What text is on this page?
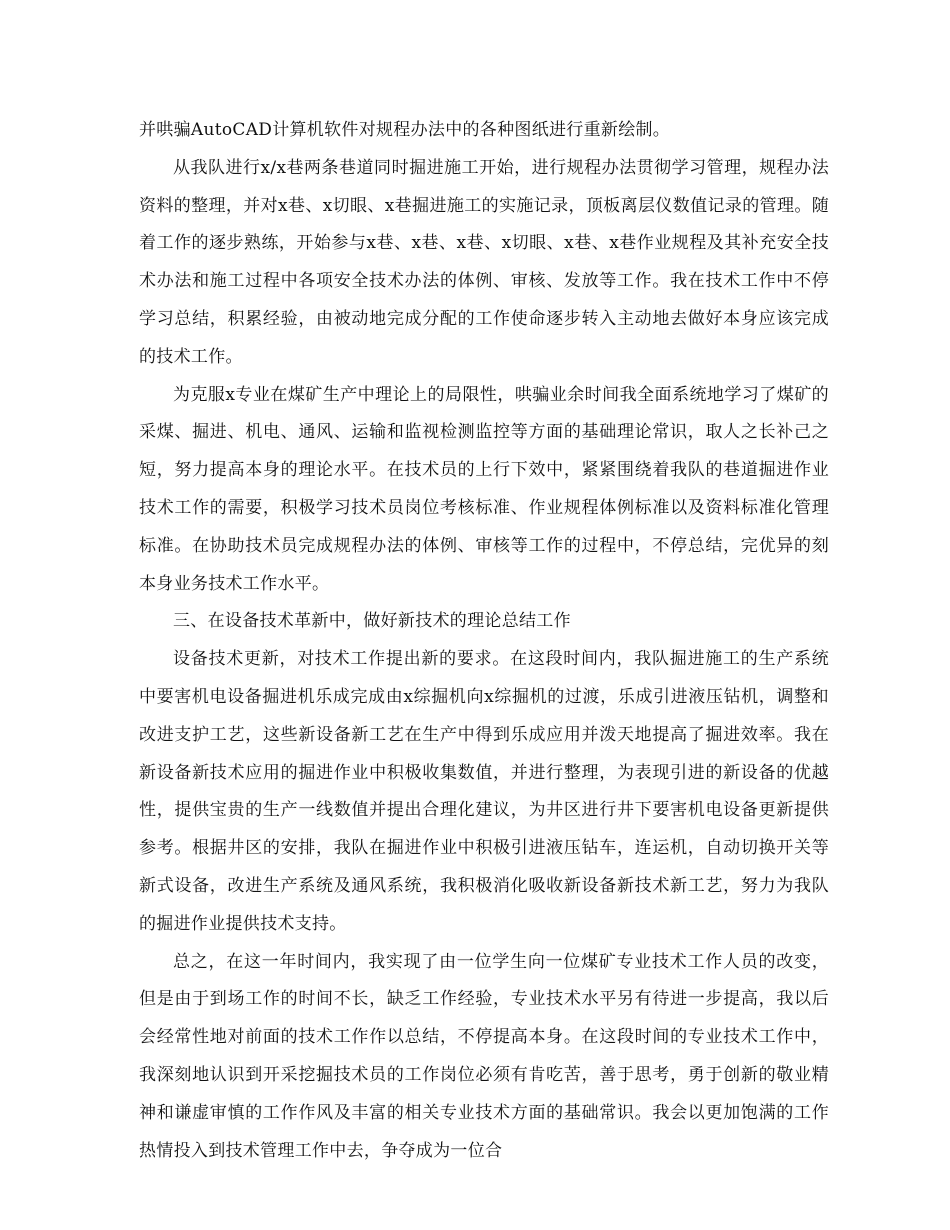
并哄骗AutoCAD计算机软件对规程办法中的各种图纸进行重新绘制。

从我队进行x/x巷两条巷道同时掘进施工开始，进行规程办法贯彻学习管理，规程办法资料的整理，并对x巷、x切眼、x巷掘进施工的实施记录，顶板离层仪数值记录的管理。随着工作的逐步熟练，开始参与x巷、x巷、x巷、x切眼、x巷、x巷作业规程及其补充安全技术办法和施工过程中各项安全技术办法的体例、审核、发放等工作。我在技术工作中不停学习总结，积累经验，由被动地完成分配的工作使命逐步转入主动地去做好本身应该完成的技术工作。

为克服x专业在煤矿生产中理论上的局限性，哄骗业余时间我全面系统地学习了煤矿的采煤、掘进、机电、通风、运输和监视检测监控等方面的基础理论常识，取人之长补己之短，努力提高本身的理论水平。在技术员的上行下效中，紧紧围绕着我队的巷道掘进作业技术工作的需要，积极学习技术员岗位考核标准、作业规程体例标准以及资料标准化管理标准。在协助技术员完成规程办法的体例、审核等工作的过程中，不停总结，完优异的刻本身业务技术工作水平。

三、在设备技术革新中，做好新技术的理论总结工作

设备技术更新，对技术工作提出新的要求。在这段时间内，我队掘进施工的生产系统中要害机电设备掘进机乐成完成由x综掘机向x综掘机的过渡，乐成引进液压钻机，调整和改进支护工艺，这些新设备新工艺在生产中得到乐成应用并泼天地提高了掘进效率。我在新设备新技术应用的掘进作业中积极收集数值，并进行整理，为表现引进的新设备的优越性，提供宝贵的生产一线数值并提出合理化建议，为井区进行井下要害机电设备更新提供参考。根据井区的安排，我队在掘进作业中积极引进液压钻车，连运机，自动切换开关等新式设备，改进生产系统及通风系统，我积极消化吸收新设备新技术新工艺，努力为我队的掘进作业提供技术支持。

总之，在这一年时间内，我实现了由一位学生向一位煤矿专业技术工作人员的改变，但是由于到场工作的时间不长，缺乏工作经验，专业技术水平另有待进一步提高，我以后会经常性地对前面的技术工作作以总结，不停提高本身。在这段时间的专业技术工作中，我深刻地认识到开采挖掘技术员的工作岗位必须有肯吃苦，善于思考，勇于创新的敬业精神和谦虚审慎的工作作风及丰富的相关专业技术方面的基础常识。我会以更加饱满的工作热情投入到技术管理工作中去，争夺成为一位合
